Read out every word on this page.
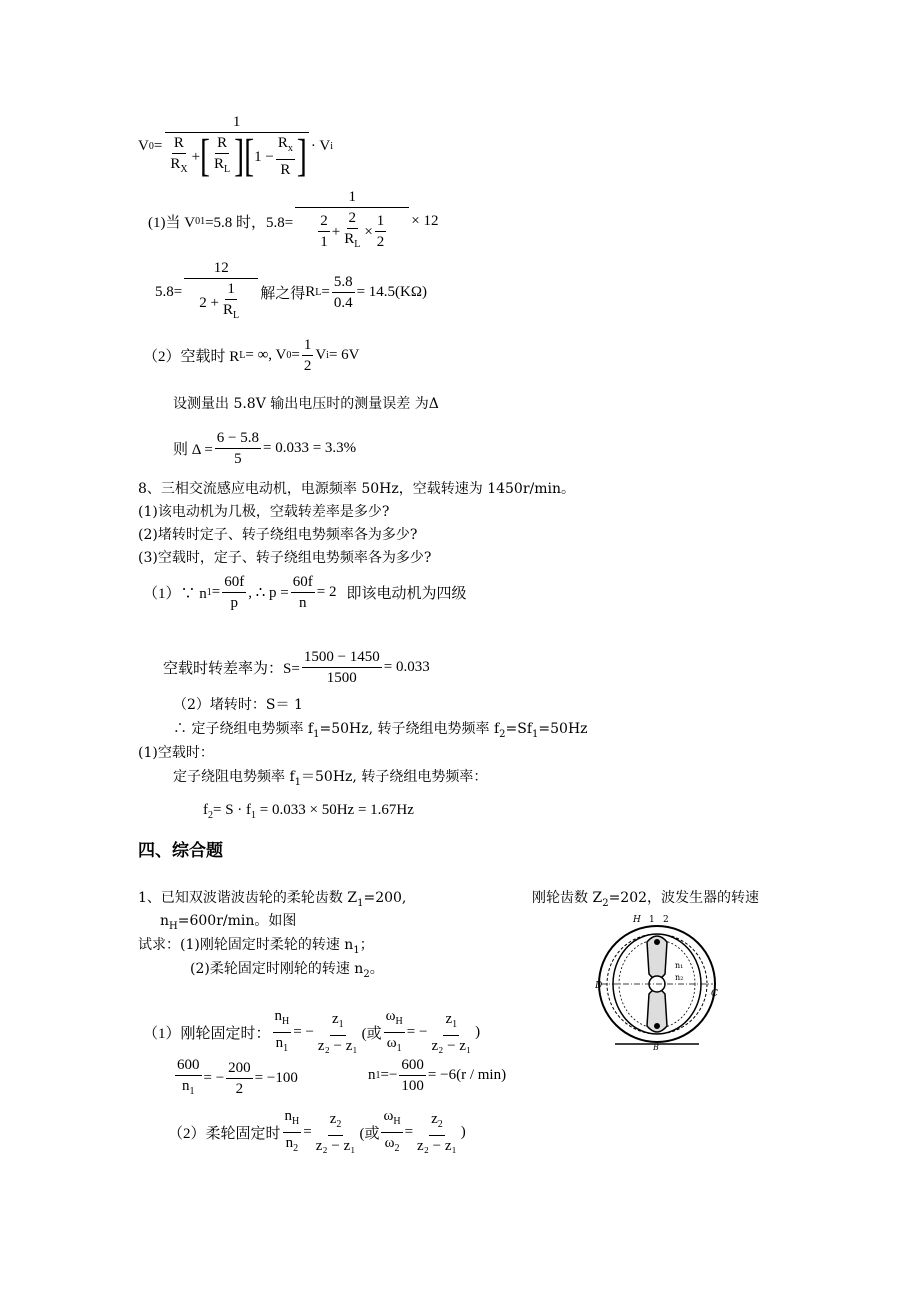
V 0 =
1
$\frac{R}{R_X}$ + [ $\frac{R}{R_L}$ ][ $1 - \frac{R_x}{R}$ ] · V i
(1)当 V 01 =5.8 时，$5.8= \frac{1}{\frac{2}{1} + \frac{2}{R_L} \times \frac{1}{2}} \times 12$
$5.8= \frac{12}{2 + \frac{1}{R_L}}$ 解之得 R $L = \frac{5.8}{0.4} = 14.5(K\Omega)$
（2）空载时 R L = ∞, V $0 = \frac{1}{2}$ V i = 6V
设测量出 5.8V 输出电压时的测量误差 为Δ
则 $\Delta = \frac{6 - 5.8}{5} = 0.033 = 3.3\%$
8、三相交流感应电动机，电源频率 50Hz，空载转速为 1450r/min。
(1)该电动机为几极，空载转差率是多少?
(2)堵转时定子、转子绕组电势频率各为多少?
(3)空载时，定子、转子绕组电势频率各为多少?
（1）∵ n $1 = \frac{60f}{p}$ , ∴ $p = \frac{60f}{n} = 2$ 即该电动机为四级
空载时转差率为：$S= \frac{1500 - 1450}{1500} = 0.033$
（2）堵转时：S＝ 1
∴ 定子绕组电势频率 $f_1=50Hz$, 转子绕组电势频率 $f_2=Sf_1=50Hz$
(1)空载时：
定子绕阻电势频率 $f_1=50Hz$, 转子绕组电势频率：
$f_2= S \cdot f_1 = 0.033 \times 50Hz = 1.67Hz$
四、综合题
1、已知双波谐波齿轮的柔轮齿数 $Z_1=200$,	刚轮齿数 $Z_2=202$，波发生器的转速
$n_H=600r/\min$。如图
试求：(1)刚轮固定时柔轮的转速 $n_1$；
(2)柔轮固定时刚轮的转速 $n_2$。
（1）刚轮固定时： $\frac{n_H}{n_1}$ = − $\frac{z_1}{\text{z₂ − z₁}}$ (或 $\frac{\omega_H}{\omega_1}$ = − $\frac{z_1}{\text{z₂ − z₁}}$ )
$\frac{600}{n_1}$ = − $\frac{200}{2} = -100$	n $1 =- \frac{600}{100} = -6(r / \min)$
（2）柔轮固定时 $\frac{n_H}{n_2} = \frac{z_2}{\text{z₂ − z₁}}$ (或 $\frac{\omega_H}{\omega_2} = \frac{z_2}{\text{z₂ − z₁}}$ )
H 1 2
n₁
n₂
D
C
B
